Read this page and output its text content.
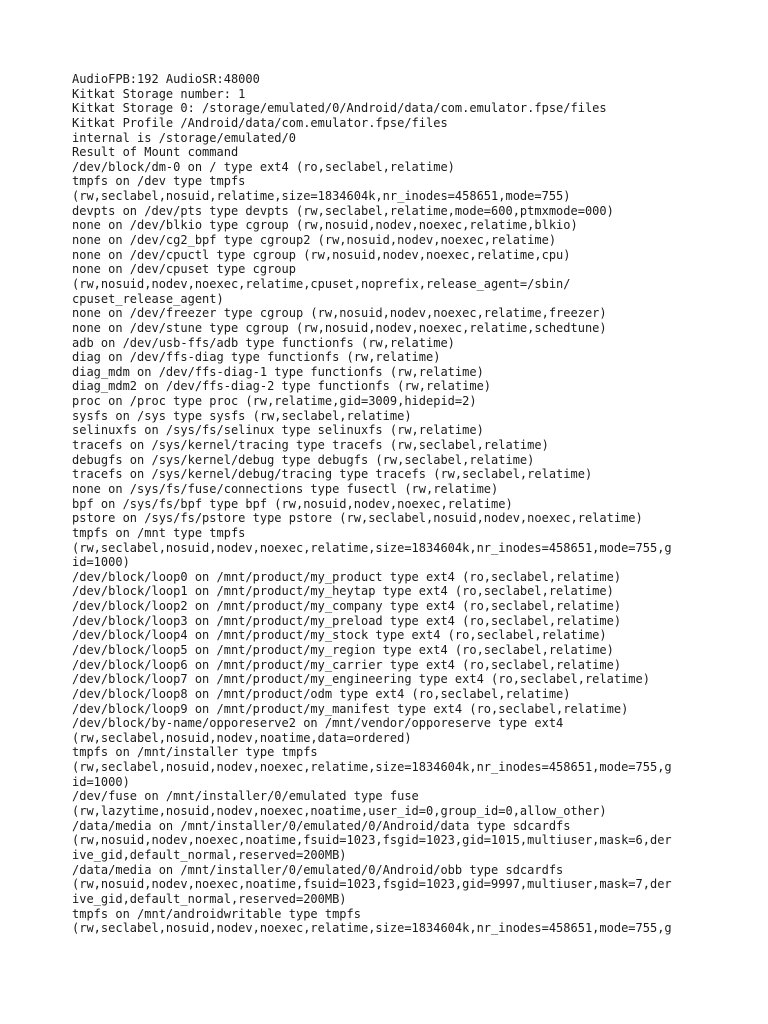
AudioFPB:192 AudioSR:48000
Kitkat Storage number: 1
Kitkat Storage 0: /storage/emulated/0/Android/data/com.emulator.fpse/files
Kitkat Profile /Android/data/com.emulator.fpse/files
internal is /storage/emulated/0
Result of Mount command
/dev/block/dm-0 on / type ext4 (ro,seclabel,relatime)
tmpfs on /dev type tmpfs
(rw,seclabel,nosuid,relatime,size=1834604k,nr_inodes=458651,mode=755)
devpts on /dev/pts type devpts (rw,seclabel,relatime,mode=600,ptmxmode=000)
none on /dev/blkio type cgroup (rw,nosuid,nodev,noexec,relatime,blkio)
none on /dev/cg2_bpf type cgroup2 (rw,nosuid,nodev,noexec,relatime)
none on /dev/cpuctl type cgroup (rw,nosuid,nodev,noexec,relatime,cpu)
none on /dev/cpuset type cgroup
(rw,nosuid,nodev,noexec,relatime,cpuset,noprefix,release_agent=/sbin/
cpuset_release_agent)
none on /dev/freezer type cgroup (rw,nosuid,nodev,noexec,relatime,freezer)
none on /dev/stune type cgroup (rw,nosuid,nodev,noexec,relatime,schedtune)
adb on /dev/usb-ffs/adb type functionfs (rw,relatime)
diag on /dev/ffs-diag type functionfs (rw,relatime)
diag_mdm on /dev/ffs-diag-1 type functionfs (rw,relatime)
diag_mdm2 on /dev/ffs-diag-2 type functionfs (rw,relatime)
proc on /proc type proc (rw,relatime,gid=3009,hidepid=2)
sysfs on /sys type sysfs (rw,seclabel,relatime)
selinuxfs on /sys/fs/selinux type selinuxfs (rw,relatime)
tracefs on /sys/kernel/tracing type tracefs (rw,seclabel,relatime)
debugfs on /sys/kernel/debug type debugfs (rw,seclabel,relatime)
tracefs on /sys/kernel/debug/tracing type tracefs (rw,seclabel,relatime)
none on /sys/fs/fuse/connections type fusectl (rw,relatime)
bpf on /sys/fs/bpf type bpf (rw,nosuid,nodev,noexec,relatime)
pstore on /sys/fs/pstore type pstore (rw,seclabel,nosuid,nodev,noexec,relatime)
tmpfs on /mnt type tmpfs
(rw,seclabel,nosuid,nodev,noexec,relatime,size=1834604k,nr_inodes=458651,mode=755,g
id=1000)
/dev/block/loop0 on /mnt/product/my_product type ext4 (ro,seclabel,relatime)
/dev/block/loop1 on /mnt/product/my_heytap type ext4 (ro,seclabel,relatime)
/dev/block/loop2 on /mnt/product/my_company type ext4 (ro,seclabel,relatime)
/dev/block/loop3 on /mnt/product/my_preload type ext4 (ro,seclabel,relatime)
/dev/block/loop4 on /mnt/product/my_stock type ext4 (ro,seclabel,relatime)
/dev/block/loop5 on /mnt/product/my_region type ext4 (ro,seclabel,relatime)
/dev/block/loop6 on /mnt/product/my_carrier type ext4 (ro,seclabel,relatime)
/dev/block/loop7 on /mnt/product/my_engineering type ext4 (ro,seclabel,relatime)
/dev/block/loop8 on /mnt/product/odm type ext4 (ro,seclabel,relatime)
/dev/block/loop9 on /mnt/product/my_manifest type ext4 (ro,seclabel,relatime)
/dev/block/by-name/opporeserve2 on /mnt/vendor/opporeserve type ext4
(rw,seclabel,nosuid,nodev,noatime,data=ordered)
tmpfs on /mnt/installer type tmpfs
(rw,seclabel,nosuid,nodev,noexec,relatime,size=1834604k,nr_inodes=458651,mode=755,g
id=1000)
/dev/fuse on /mnt/installer/0/emulated type fuse
(rw,lazytime,nosuid,nodev,noexec,noatime,user_id=0,group_id=0,allow_other)
/data/media on /mnt/installer/0/emulated/0/Android/data type sdcardfs
(rw,nosuid,nodev,noexec,noatime,fsuid=1023,fsgid=1023,gid=1015,multiuser,mask=6,der
ive_gid,default_normal,reserved=200MB)
/data/media on /mnt/installer/0/emulated/0/Android/obb type sdcardfs
(rw,nosuid,nodev,noexec,noatime,fsuid=1023,fsgid=1023,gid=9997,multiuser,mask=7,der
ive_gid,default_normal,reserved=200MB)
tmpfs on /mnt/androidwritable type tmpfs
(rw,seclabel,nosuid,nodev,noexec,relatime,size=1834604k,nr_inodes=458651,mode=755,g
